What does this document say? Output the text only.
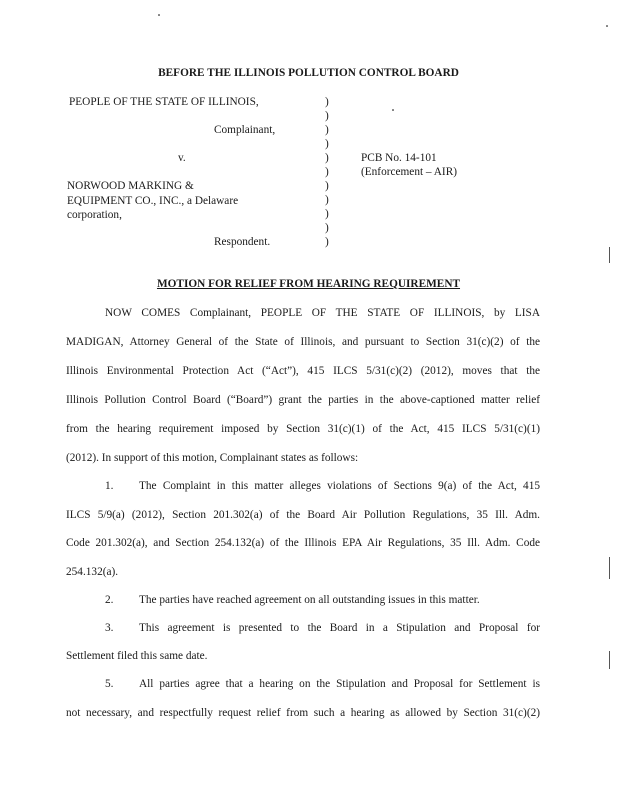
BEFORE THE ILLINOIS POLLUTION CONTROL BOARD
PEOPLE OF THE STATE OF ILLINOIS,
Complainant,
v.
NORWOOD MARKING &
EQUIPMENT CO., INC., a Delaware
corporation,
Respondent.
)
)
)
)
)
)
)
)
)
)
)
PCB No. 14-101
(Enforcement – AIR)
MOTION FOR RELIEF FROM HEARING REQUIREMENT
NOW COMES Complainant, PEOPLE OF THE STATE OF ILLINOIS, by LISA
MADIGAN, Attorney General of the State of Illinois, and pursuant to Section 31(c)(2) of the
Illinois Environmental Protection Act (“Act”), 415 ILCS 5/31(c)(2) (2012), moves that the
Illinois Pollution Control Board (“Board”) grant the parties in the above-captioned matter relief
from the hearing requirement imposed by Section 31(c)(1) of the Act, 415 ILCS 5/31(c)(1)
(2012). In support of this motion, Complainant states as follows:
1. The Complaint in this matter alleges violations of Sections 9(a) of the Act, 415
ILCS 5/9(a) (2012), Section 201.302(a) of the Board Air Pollution Regulations, 35 Ill. Adm.
Code 201.302(a), and Section 254.132(a) of the Illinois EPA Air Regulations, 35 Ill. Adm. Code
254.132(a).
2. The parties have reached agreement on all outstanding issues in this matter.
3. This agreement is presented to the Board in a Stipulation and Proposal for
Settlement filed this same date.
5. All parties agree that a hearing on the Stipulation and Proposal for Settlement is
not necessary, and respectfully request relief from such a hearing as allowed by Section 31(c)(2)
